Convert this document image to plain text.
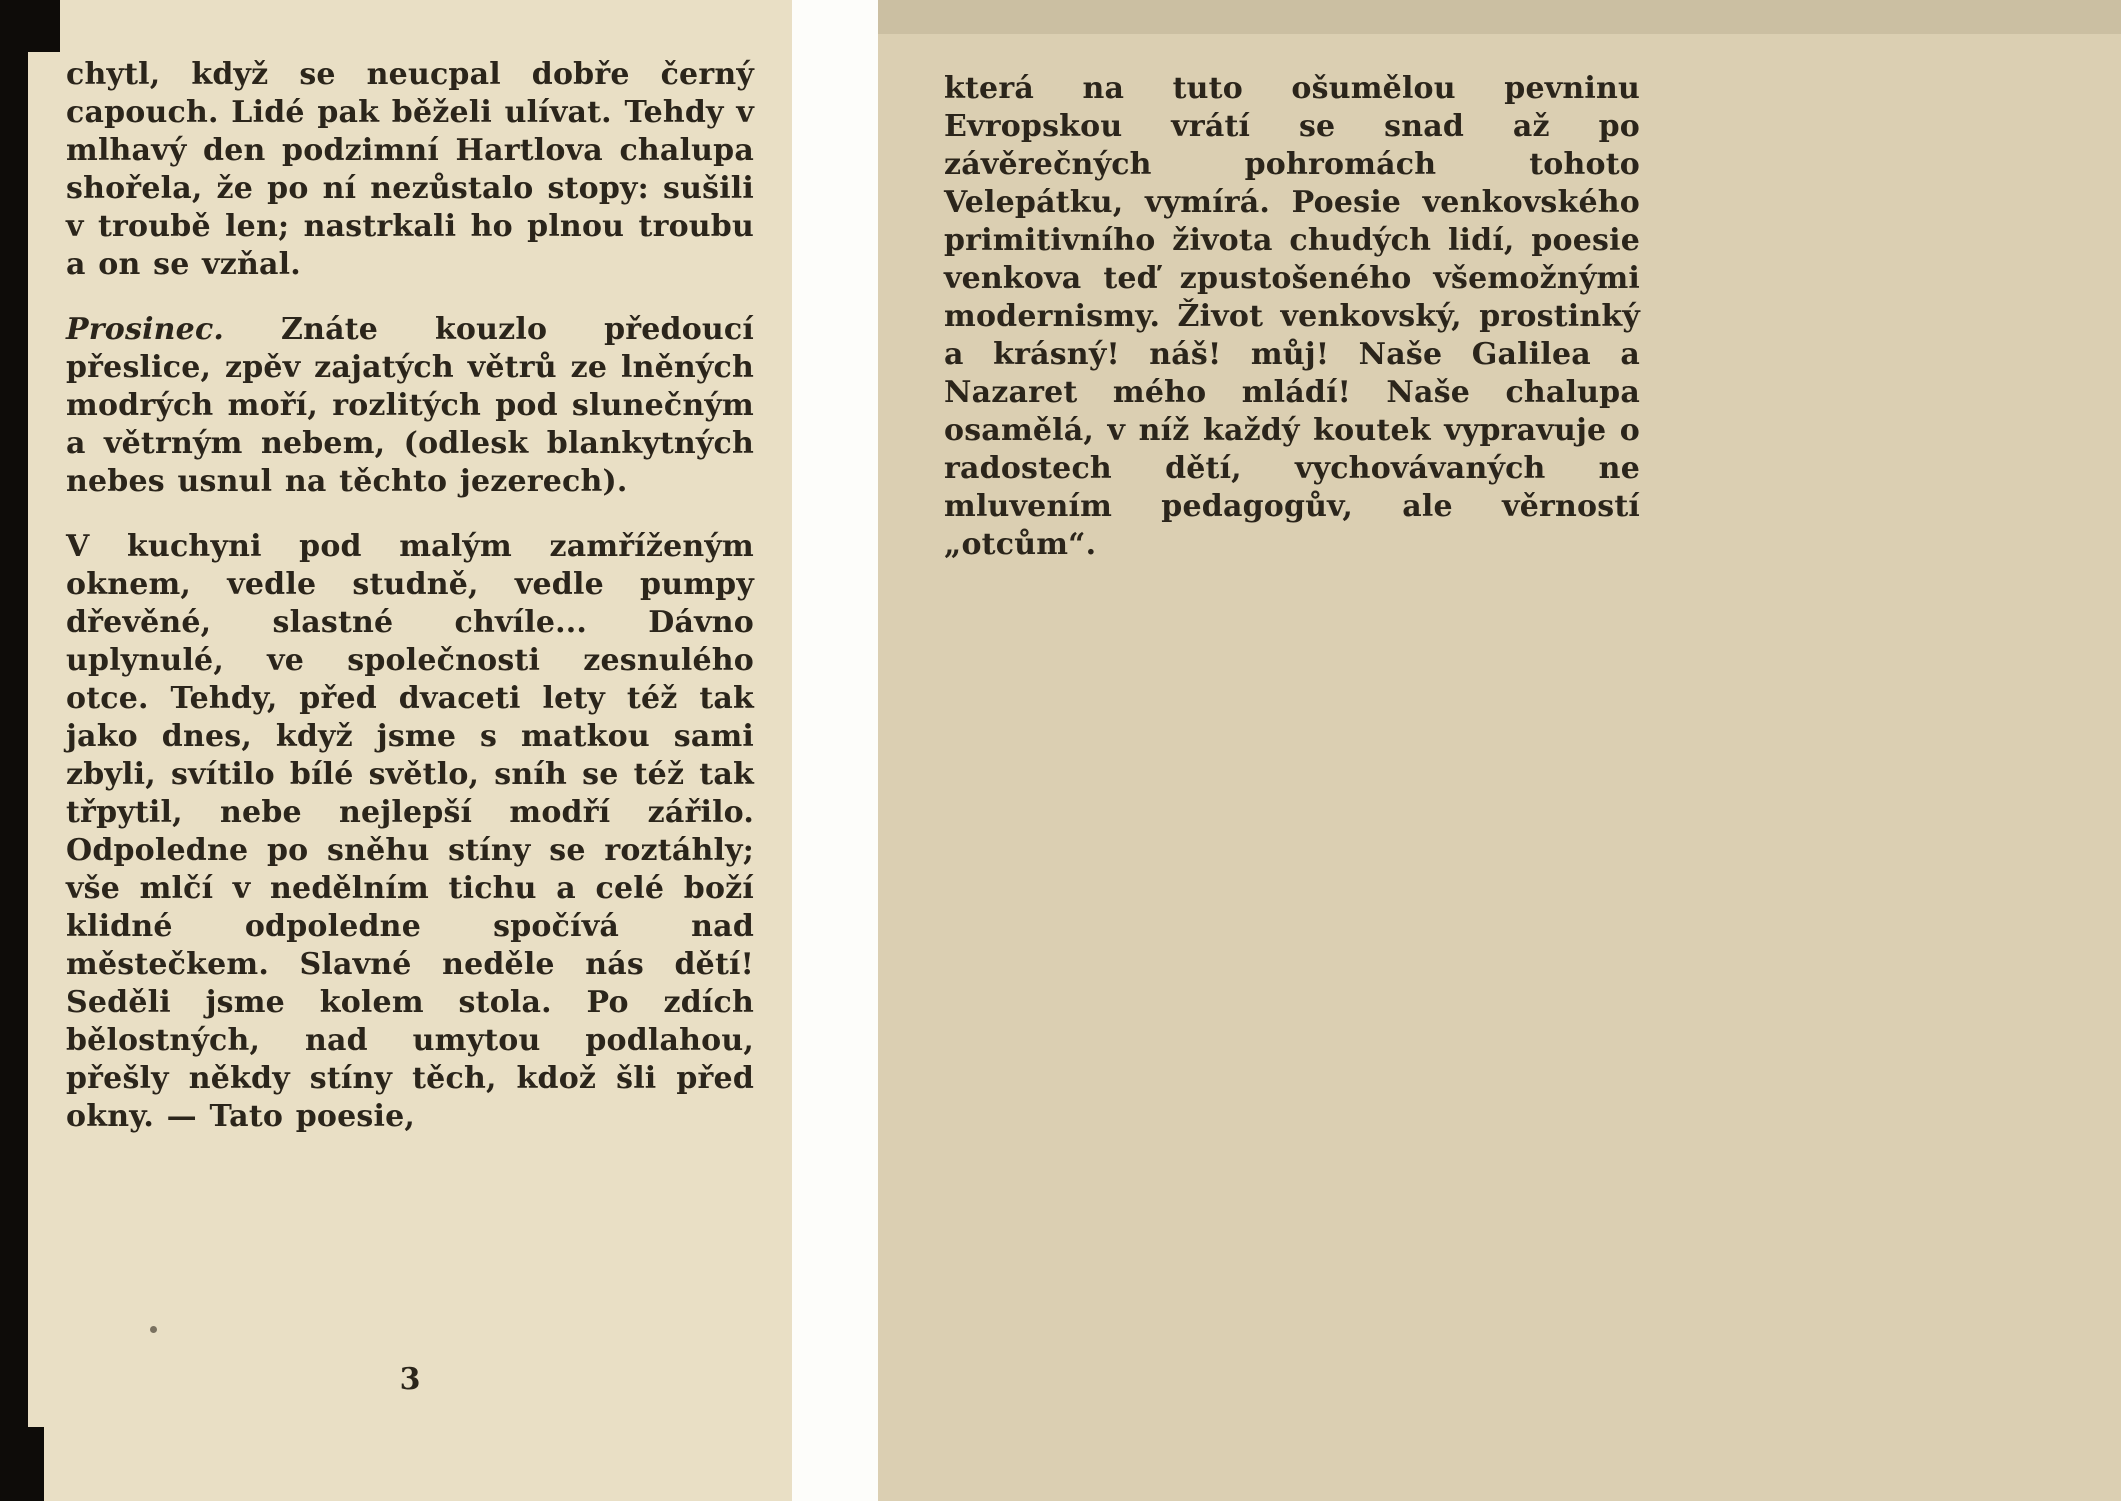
chytl, když se neucpal dobře černý capouch. Lidé pak běželi ulívat. Tehdy v mlhavý den podzimní Hartlova chalupa shořela, že po ní nezůstalo stopy: sušili v troubě len; nastrkali ho plnou troubu a on se vzňal.

Prosinec. Znáte kouzlo předoucí přeslice, zpěv zajatých větrů ze lněných modrých moří, rozlitých pod slunečným a větrným nebem, (odlesk blankytných nebes usnul na těchto jezerech).

V kuchyni pod malým zamříženým oknem, vedle studně, vedle pumpy dřevěné, slastné chvíle... Dávno uplynulé, ve společnosti zesnulého otce. Tehdy, před dvaceti lety též tak jako dnes, když jsme s matkou sami zbyli, svítilo bílé světlo, sníh se též tak třpytil, nebe nejlepší modří zářilo. Odpoledne po sněhu stíny se roztáhly; vše mlčí v nedělním tichu a celé boží klidné odpoledne spočívá nad městečkem. Slavné neděle nás dětí! Seděli jsme kolem stola. Po zdích bělostných, nad umytou podlahou, přešly někdy stíny těch, kdož šli před okny. — Tato poesie,

3

která na tuto ošumělou pevninu Evropskou vrátí se snad až po závěrečných pohromách tohoto Velepátku, vymírá. Poesie venkovského primitivního života chudých lidí, poesie venkova teď zpustošeného všemožnými modernismy. Život venkovský, prostinký a krásný! náš! můj! Naše Galilea a Nazaret mého mládí! Naše chalupa osamělá, v níž každý koutek vypravuje o radostech dětí, vychovávaných ne mluvením pedagogův, ale věrností „otcům“.
